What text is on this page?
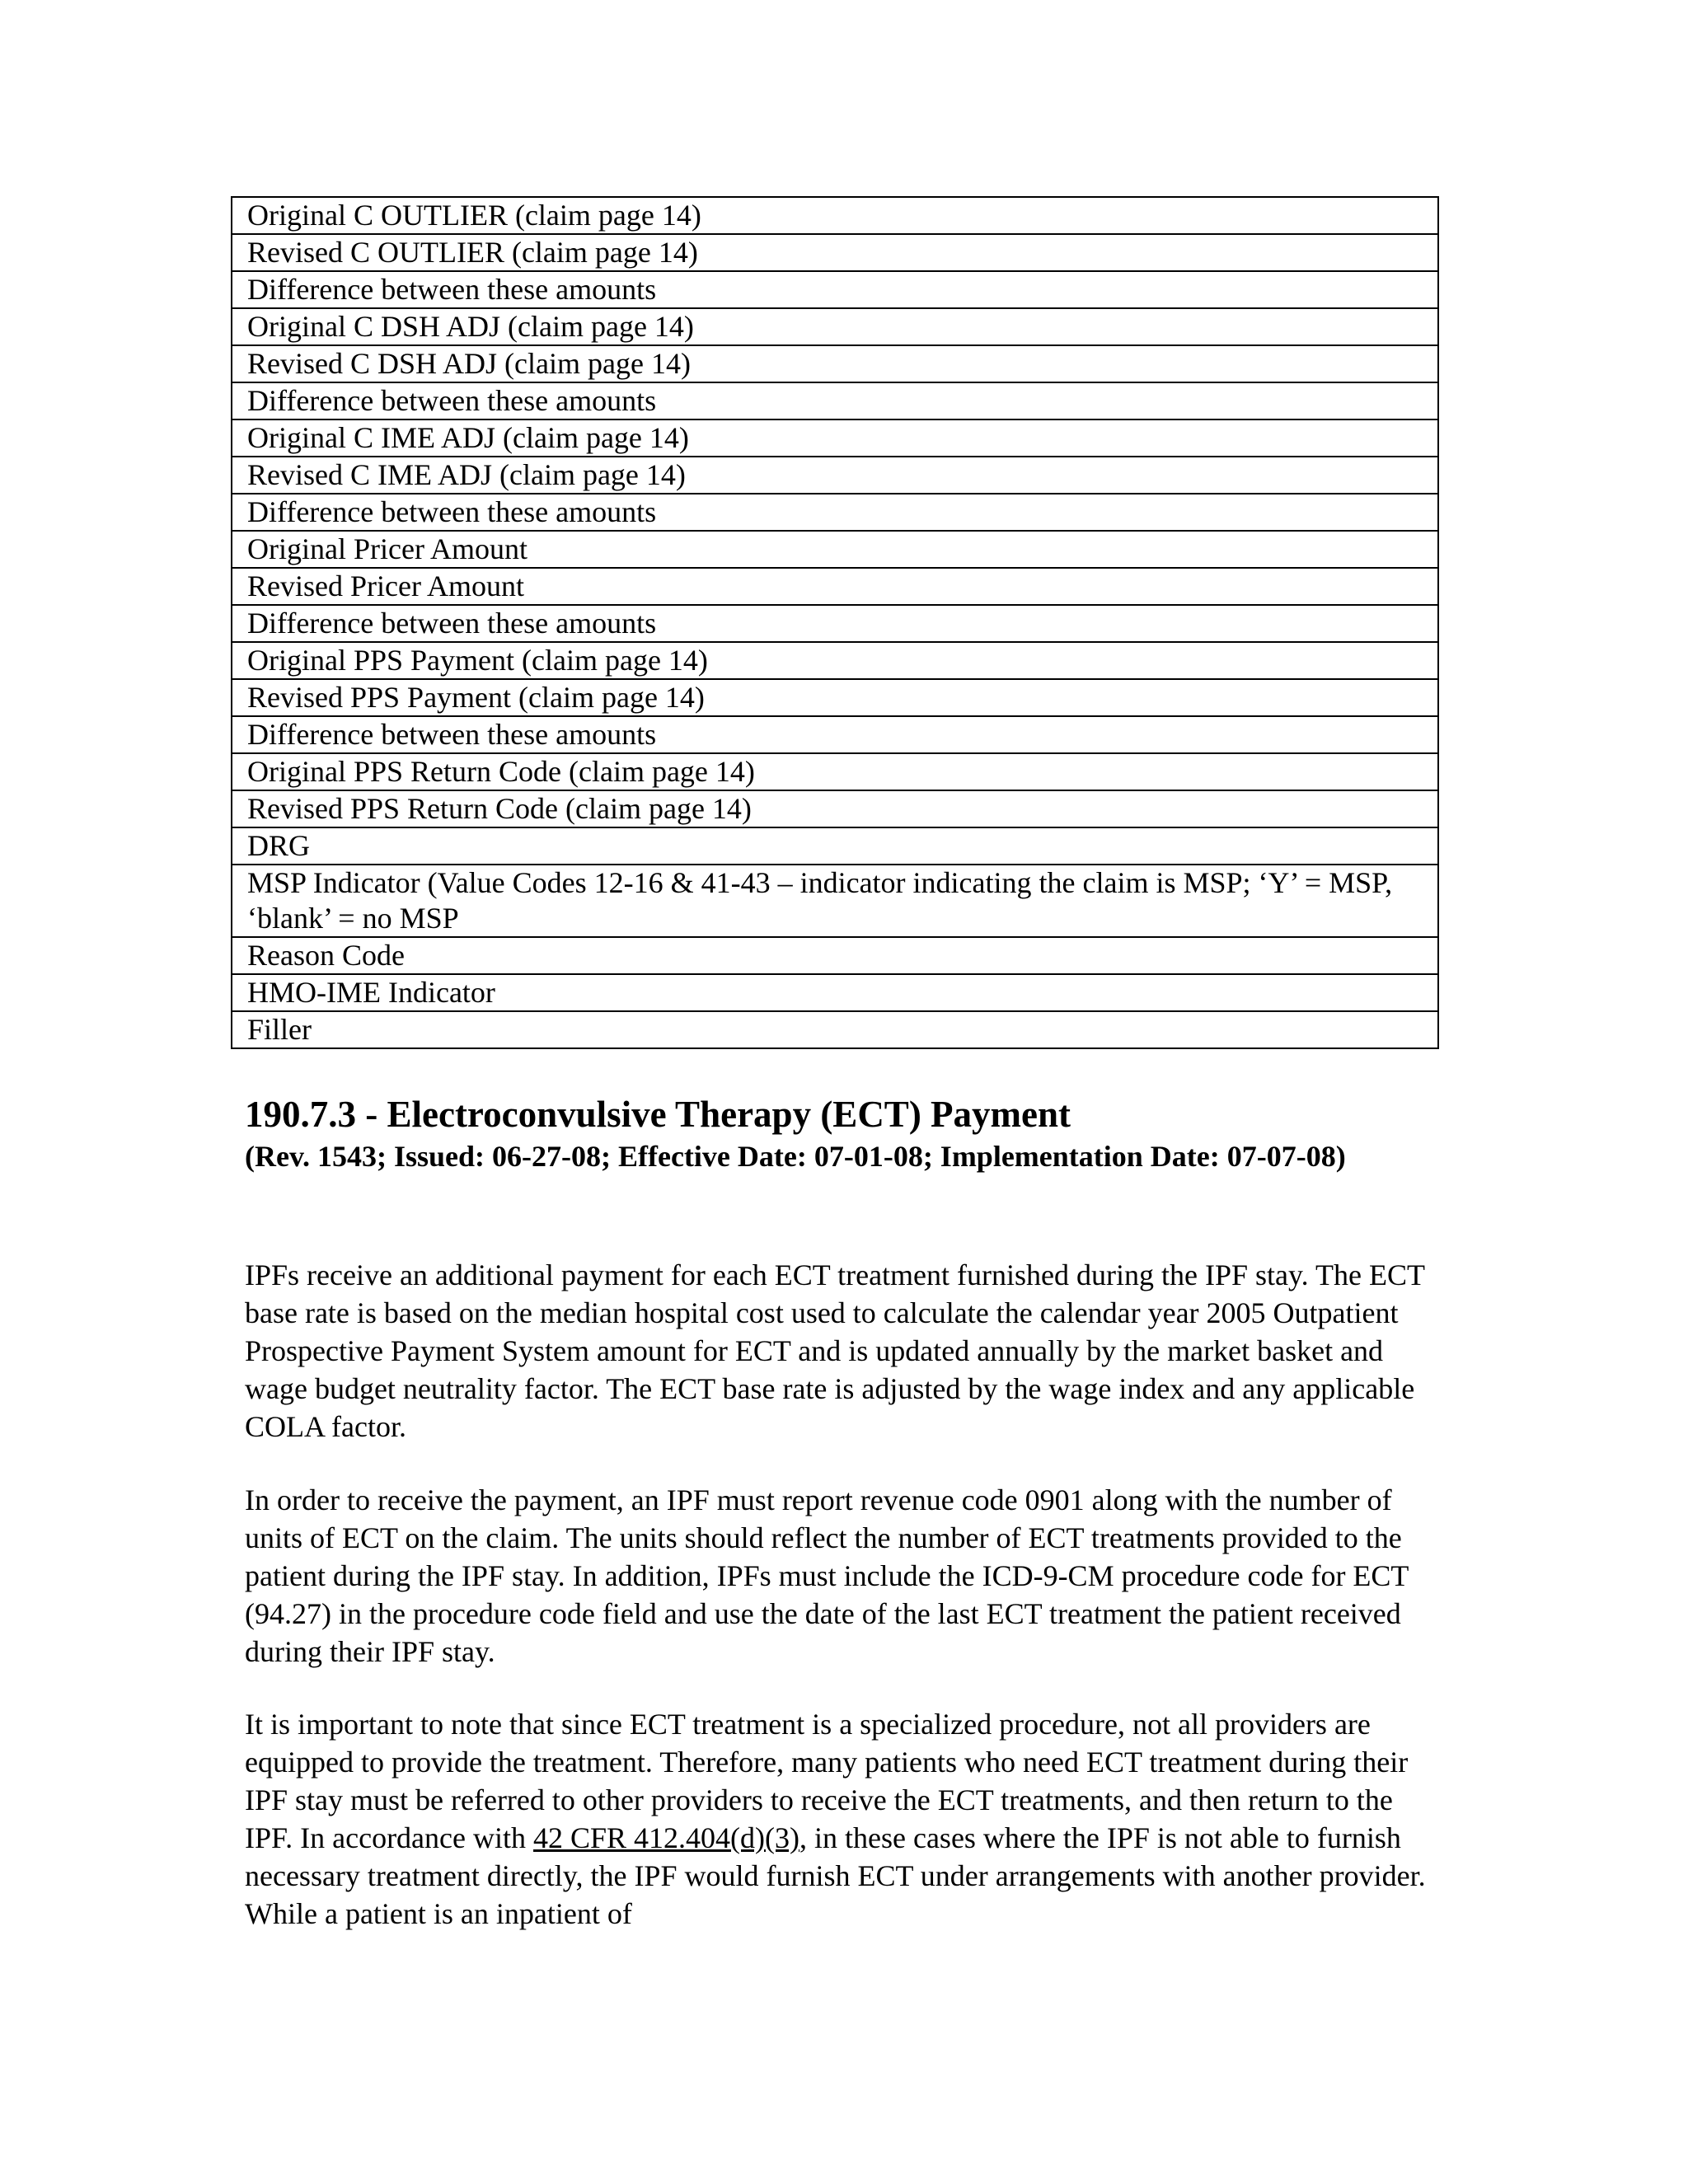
Original C OUTLIER (claim page 14)
Revised C OUTLIER (claim page 14)
Difference between these amounts
Original C DSH ADJ (claim page 14)
Revised C DSH ADJ (claim page 14)
Difference between these amounts
Original C IME ADJ (claim page 14)
Revised C IME ADJ (claim page 14)
Difference between these amounts
Original Pricer Amount
Revised Pricer Amount
Difference between these amounts
Original PPS Payment (claim page 14)
Revised PPS Payment (claim page 14)
Difference between these amounts
Original PPS Return Code (claim page 14)
Revised PPS Return Code (claim page 14)
DRG
MSP Indicator (Value Codes 12-16 & 41-43 – indicator indicating the claim is MSP; ‘Y’ = MSP, ‘blank’ = no MSP
Reason Code
HMO-IME Indicator
Filler
190.7.3 - Electroconvulsive Therapy (ECT) Payment

(Rev. 1543; Issued: 06-27-08; Effective Date: 07-01-08; Implementation Date: 07-07-08)

IPFs receive an additional payment for each ECT treatment furnished during the IPF stay. The ECT base rate is based on the median hospital cost used to calculate the calendar year 2005 Outpatient Prospective Payment System amount for ECT and is updated annually by the market basket and wage budget neutrality factor. The ECT base rate is adjusted by the wage index and any applicable COLA factor.

In order to receive the payment, an IPF must report revenue code 0901 along with the number of units of ECT on the claim. The units should reflect the number of ECT treatments provided to the patient during the IPF stay. In addition, IPFs must include the ICD-9-CM procedure code for ECT (94.27) in the procedure code field and use the date of the last ECT treatment the patient received during their IPF stay.

It is important to note that since ECT treatment is a specialized procedure, not all providers are equipped to provide the treatment. Therefore, many patients who need ECT treatment during their IPF stay must be referred to other providers to receive the ECT treatments, and then return to the IPF. In accordance with 42 CFR 412.404(d)(3), in these cases where the IPF is not able to furnish necessary treatment directly, the IPF would furnish ECT under arrangements with another provider. While a patient is an inpatient of
